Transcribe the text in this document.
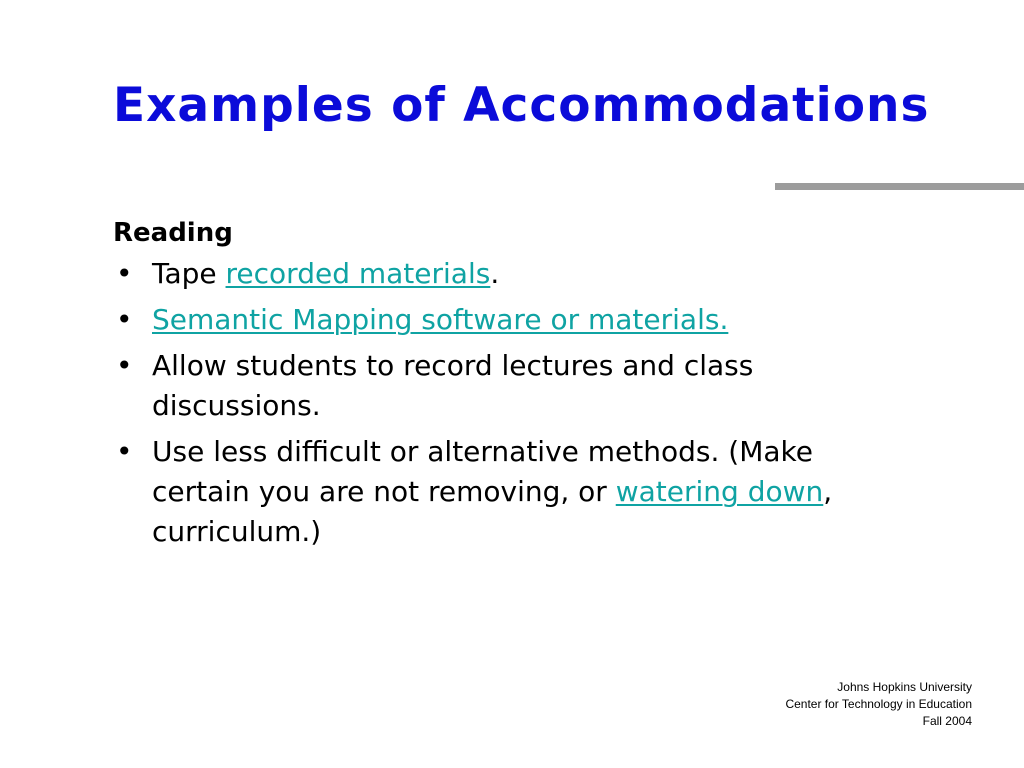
Examples of Accommodations
Reading
• Tape recorded materials.
• Semantic Mapping software or materials.
• Allow students to record lectures and class
discussions.
• Use less difficult or alternative methods. (Make
certain you are not removing, or watering down,
curriculum.)
Johns Hopkins University
Center for Technology in Education
Fall 2004
